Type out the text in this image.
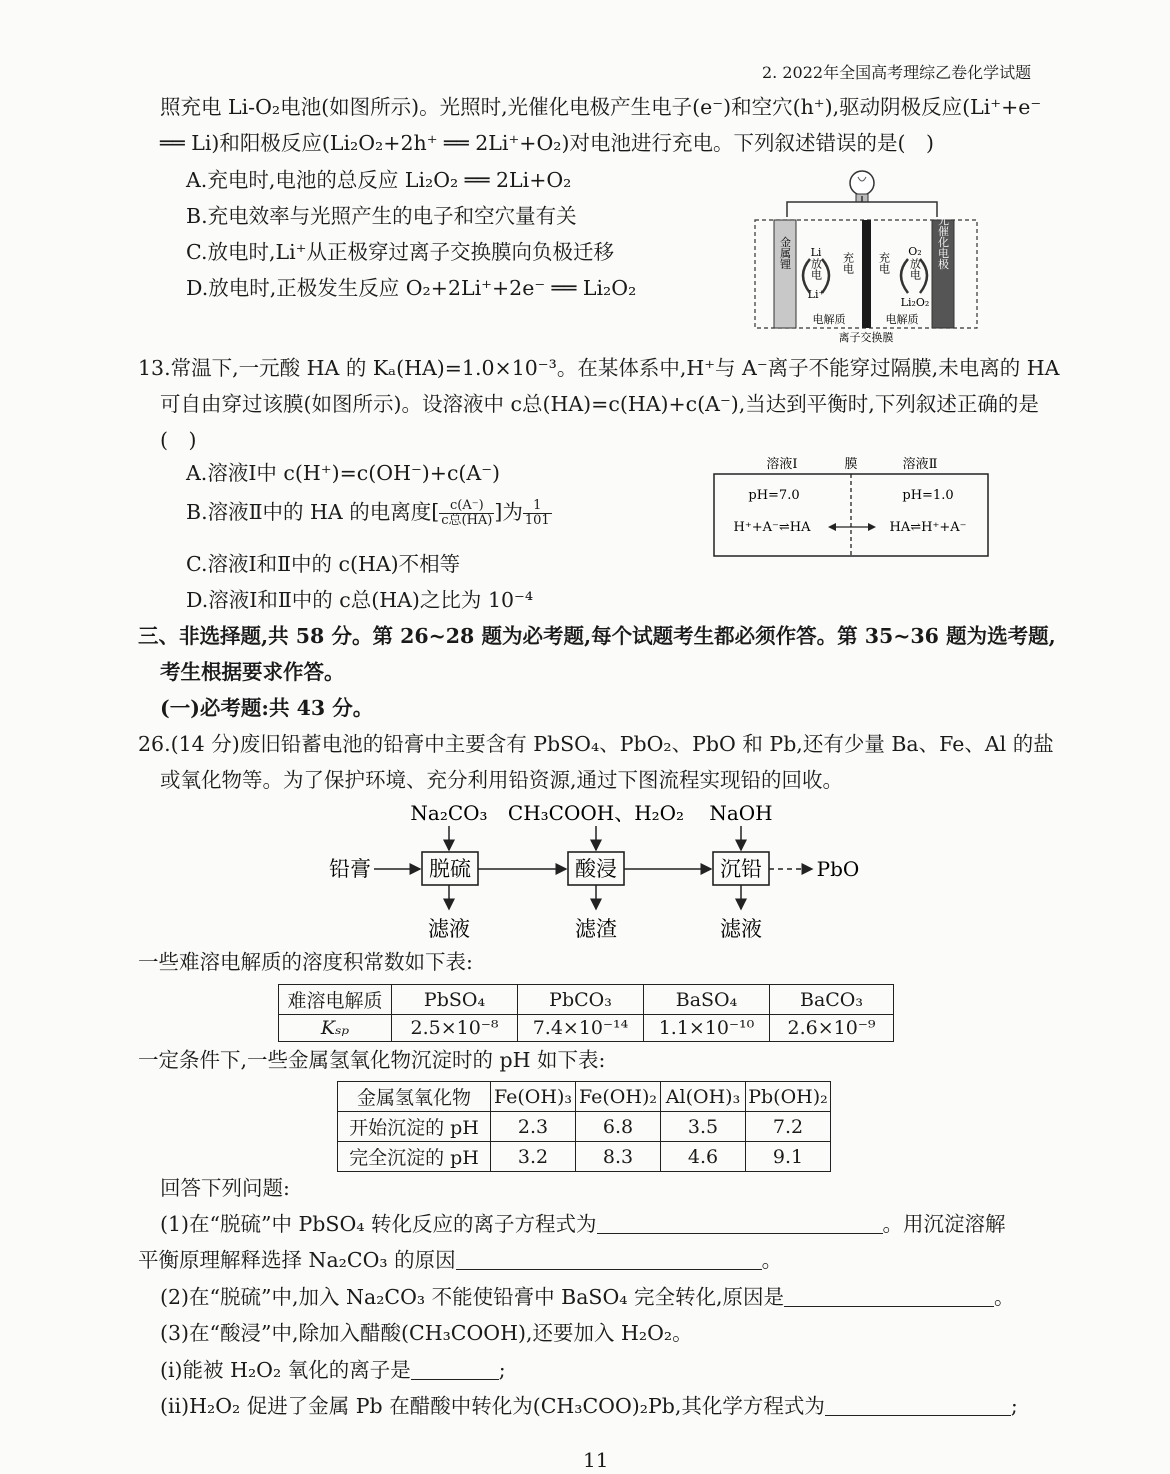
2. 2022年全国高考理综乙卷化学试题
照充电 Li-O₂电池(如图所示)。光照时,光催化电极产生电子(e⁻)和空穴(h⁺),驱动阴极反应(Li⁺+e⁻
══ Li)和阳极反应(Li₂O₂+2h⁺ ══ 2Li⁺+O₂)对电池进行充电。下列叙述错误的是(　)
A.充电时,电池的总反应 Li₂O₂ ══ 2Li+O₂
B.充电效率与光照产生的电子和空穴量有关
C.放电时,Li⁺从正极穿过离子交换膜向负极迁移
D.放电时,正极发生反应 O₂+2Li⁺+2e⁻ ══ Li₂O₂
金属锂	光催化电极
Li
Li⁺
放电 充电 充电
O₂
放电
Li₂O₂
电解质	电解质
离子交换膜
13.常温下,一元酸 HA 的 Kₐ(HA)=1.0×10⁻³。在某体系中,H⁺与 A⁻离子不能穿过隔膜,未电离的 HA
可自由穿过该膜(如图所示)。设溶液中 c总(HA)=c(HA)+c(A⁻),当达到平衡时,下列叙述正确的是
(　)
A.溶液Ⅰ中 c(H⁺)=c(OH⁻)+c(A⁻)
B.溶液Ⅱ中的 HA 的电离度[ $\frac{c(A^-)}{\text{c总(HA)}}$ ]为 $\frac{1}{101}$
C.溶液Ⅰ和Ⅱ中的 c(HA)不相等
D.溶液Ⅰ和Ⅱ中的 c总(HA)之比为 10⁻⁴
溶液Ⅰ	膜	溶液Ⅱ
pH=7.0	pH=1.0
H⁺+A⁻⇌HA	HA⇌H⁺+A⁻
三、非选择题,共 58 分。第 26~28 题为必考题,每个试题考生都必须作答。第 35~36 题为选考题,
考生根据要求作答。
(一)必考题:共 43 分。
26.(14 分)废旧铅蓄电池的铅膏中主要含有 PbSO₄、PbO₂、PbO 和 Pb,还有少量 Ba、Fe、Al 的盐
或氧化物等。为了保护环境、充分利用铅资源,通过下图流程实现铅的回收。
Na₂CO₃ CH₃COOH、H₂O₂ NaOH
铅膏	脱硫	酸浸	沉铅	PbO
滤液	滤渣	滤液
一些难溶电解质的溶度积常数如下表:
难溶电解质	PbSO₄	PbCO₃	BaSO₄	BaCO₃
Kₛₚ	2.5×10⁻⁸	7.4×10⁻¹⁴	1.1×10⁻¹⁰	2.6×10⁻⁹
一定条件下,一些金属氢氧化物沉淀时的 pH 如下表:
金属氢氧化物	Fe(OH)₃	Fe(OH)₂	Al(OH)₃	Pb(OH)₂
开始沉淀的 pH	2.3	6.8	3.5	7.2
完全沉淀的 pH	3.2	8.3	4.6	9.1
回答下列问题:
(1)在“脱硫”中 PbSO₄ 转化反应的离子方程式为	。用沉淀溶解
平衡原理解释选择 Na₂CO₃ 的原因	。
(2)在“脱硫”中,加入 Na₂CO₃ 不能使铅膏中 BaSO₄ 完全转化,原因是	。
(3)在“酸浸”中,除加入醋酸(CH₃COOH),还要加入 H₂O₂。
(i)能被 H₂O₂ 氧化的离子是	;
(ii)H₂O₂ 促进了金属 Pb 在醋酸中转化为(CH₃COO)₂Pb,其化学方程式为	;
11
